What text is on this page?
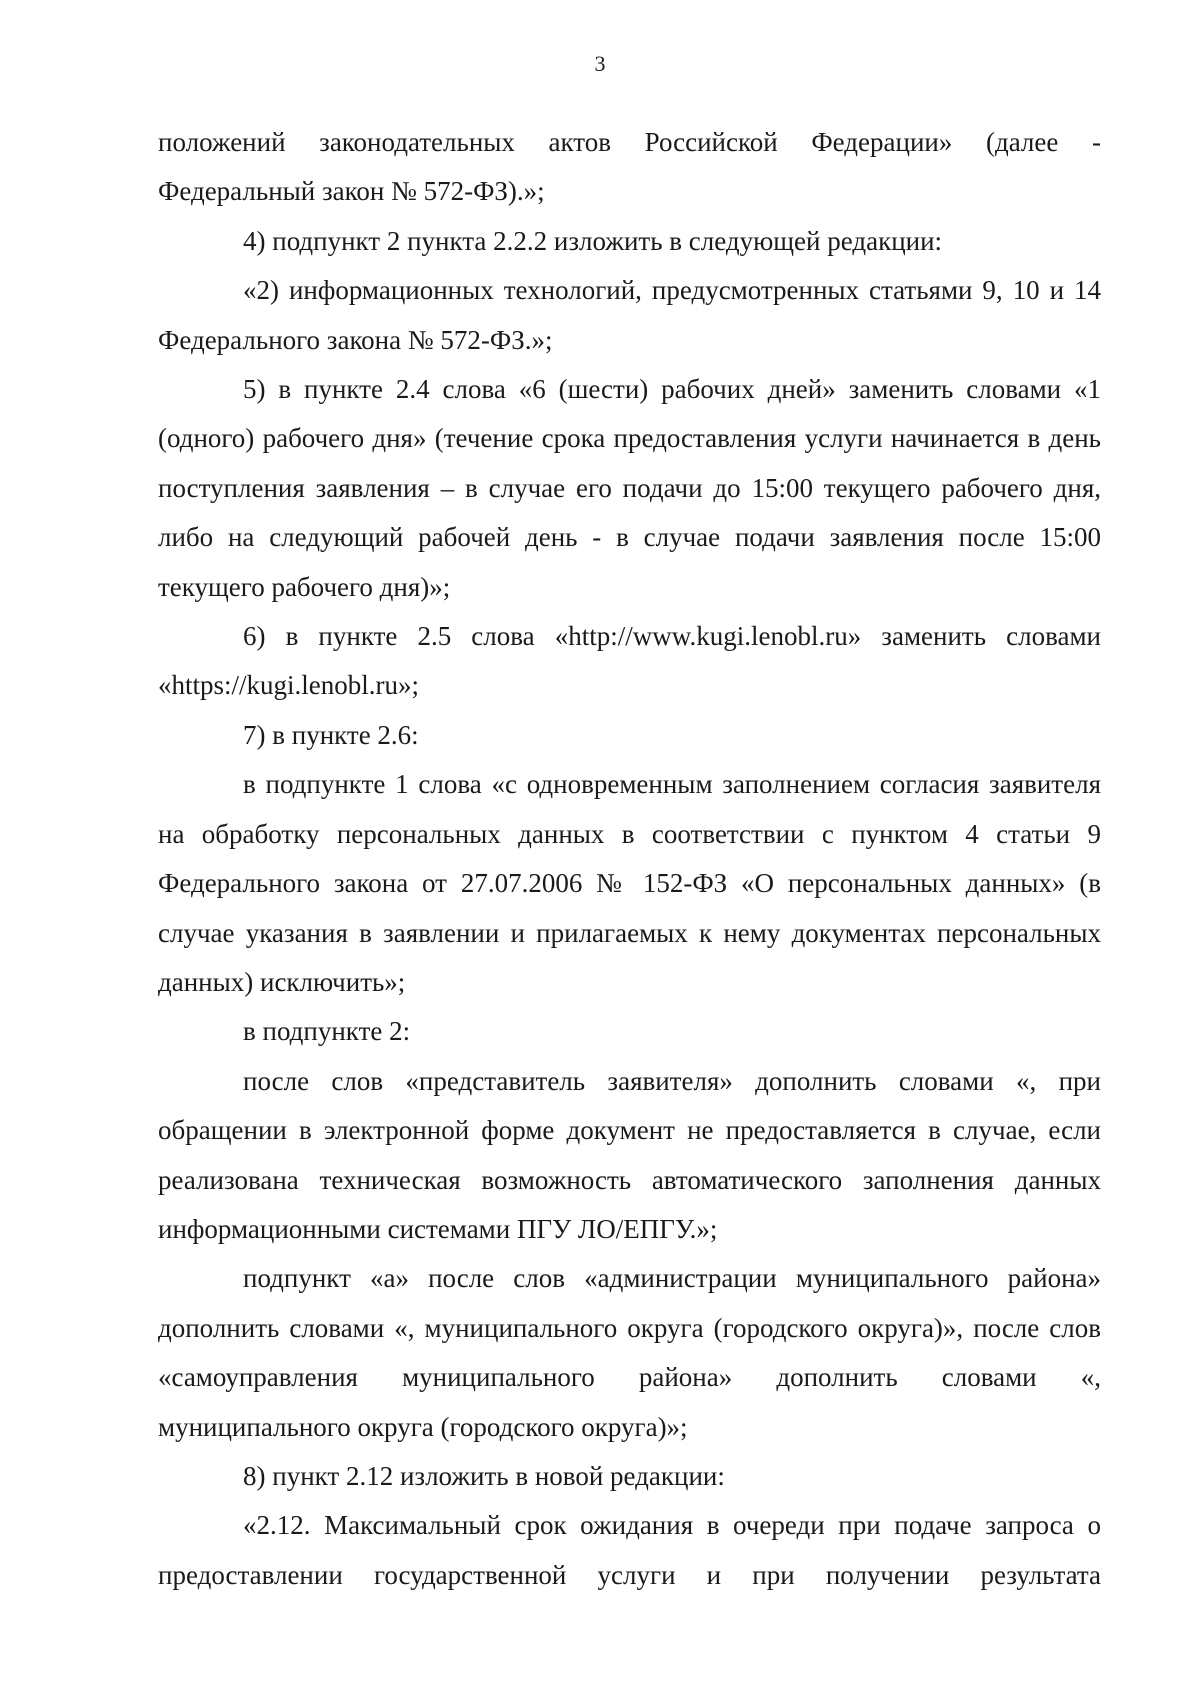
3

положений законодательных актов Российской Федерации» (далее - Федеральный закон № 572-ФЗ).»;

4) подпункт 2 пункта 2.2.2 изложить в следующей редакции:

«2) информационных технологий, предусмотренных статьями 9, 10 и 14 Федерального закона № 572-ФЗ.»;

5) в пункте 2.4 слова «6 (шести) рабочих дней» заменить словами «1 (одного) рабочего дня» (течение срока предоставления услуги начинается в день поступления заявления – в случае его подачи до 15:00 текущего рабочего дня, либо на следующий рабочей день - в случае подачи заявления после 15:00 текущего рабочего дня)»;

6) в пункте 2.5 слова «http://www.kugi.lenobl.ru» заменить словами «https://kugi.lenobl.ru»;

7) в пункте 2.6:

в подпункте 1 слова «с одновременным заполнением согласия заявителя на обработку персональных данных в соответствии с пунктом 4 статьи 9 Федерального закона от 27.07.2006 № 152-ФЗ «О персональных данных» (в случае указания в заявлении и прилагаемых к нему документах персональных данных) исключить»;

в подпункте 2:

после слов «представитель заявителя» дополнить словами «, при обращении в электронной форме документ не предоставляется в случае, если реализована техническая возможность автоматического заполнения данных информационными системами ПГУ ЛО/ЕПГУ.»;

подпункт «а» после слов «администрации муниципального района» дополнить словами «, муниципального округа (городского округа)», после слов «самоуправления муниципального района» дополнить словами «, муниципального округа (городского округа)»;

8) пункт 2.12 изложить в новой редакции:

«2.12. Максимальный срок ожидания в очереди при подаче запроса о предоставлении государственной услуги и при получении результата
